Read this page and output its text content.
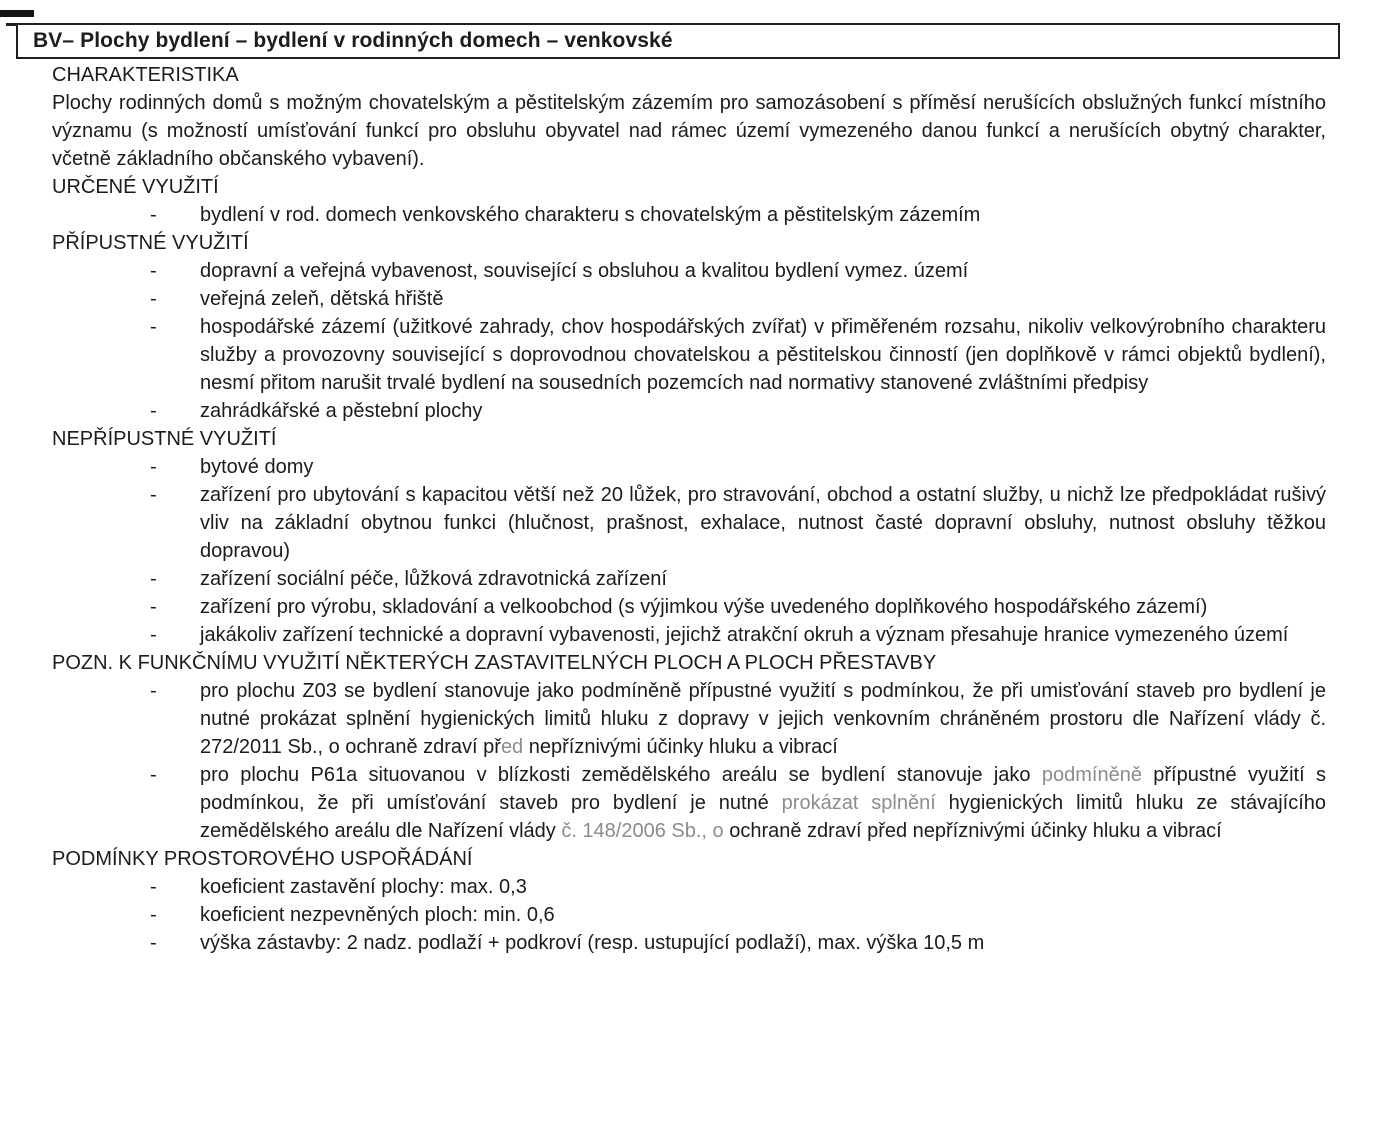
BV– Plochy bydlení – bydlení v rodinných domech – venkovské
CHARAKTERISTIKA
Plochy rodinných domů s možným chovatelským a pěstitelským zázemím pro samozásobení s příměsí nerušících obslužných funkcí místního významu (s možností umísťování funkcí pro obsluhu obyvatel nad rámec území vymezeného danou funkcí a nerušících obytný charakter, včetně základního občanského vybavení).
URČENÉ VYUŽITÍ
- bydlení v rod. domech venkovského charakteru s chovatelským a pěstitelským zázemím
PŘÍPUSTNÉ VYUŽITÍ
- dopravní a veřejná vybavenost, související s obsluhou a kvalitou bydlení vymez. území
- veřejná zeleň, dětská hřiště
- hospodářské zázemí (užitkové zahrady, chov hospodářských zvířat) v přiměřeném rozsahu, nikoliv velkovýrobního charakteru služby a provozovny související s doprovodnou chovatelskou a pěstitelskou činností (jen doplňkově v rámci objektů bydlení), nesmí přitom narušit trvalé bydlení na sousedních pozemcích nad normativy stanovené zvláštními předpisy
- zahrádkářské a pěstební plochy
NEPŘÍPUSTNÉ VYUŽITÍ
- bytové domy
- zařízení pro ubytování s kapacitou větší než 20 lůžek, pro stravování, obchod a ostatní služby, u nichž lze předpokládat rušivý vliv na základní obytnou funkci (hlučnost, prašnost, exhalace, nutnost časté dopravní obsluhy, nutnost obsluhy těžkou dopravou)
- zařízení sociální péče, lůžková zdravotnická zařízení
- zařízení pro výrobu, skladování a velkoobchod (s výjimkou výše uvedeného doplňkového hospodářského zázemí)
- jakákoliv zařízení technické a dopravní vybavenosti, jejichž atrakční okruh a význam přesahuje hranice vymezeného území
POZN. K FUNKČNÍMU VYUŽITÍ NĚKTERÝCH ZASTAVITELNÝCH PLOCH A PLOCH PŘESTAVBY
- pro plochu Z03 se bydlení stanovuje jako podmíněně přípustné využití s podmínkou, že při umisťování staveb pro bydlení je nutné prokázat splnění hygienických limitů hluku z dopravy v jejich venkovním chráněném prostoru dle Nařízení vlády č. 272/2011 Sb., o ochraně zdraví před nepříznivými účinky hluku a vibrací
- pro plochu P61a situovanou v blízkosti zemědělského areálu se bydlení stanovuje jako podmíněně přípustné využití s podmínkou, že při umísťování staveb pro bydlení je nutné prokázat splnění hygienických limitů hluku ze stávajícího zemědělského areálu dle Nařízení vlády č. 148/2006 Sb., o ochraně zdraví před nepříznivými účinky hluku a vibrací
PODMÍNKY PROSTOROVÉHO USPOŘÁDÁNÍ
- koeficient zastavění plochy: max. 0,3
- koeficient nezpevněných ploch: min. 0,6
- výška zástavby: 2 nadz. podlaží + podkroví (resp. ustupující podlaží), max. výška 10,5 m
